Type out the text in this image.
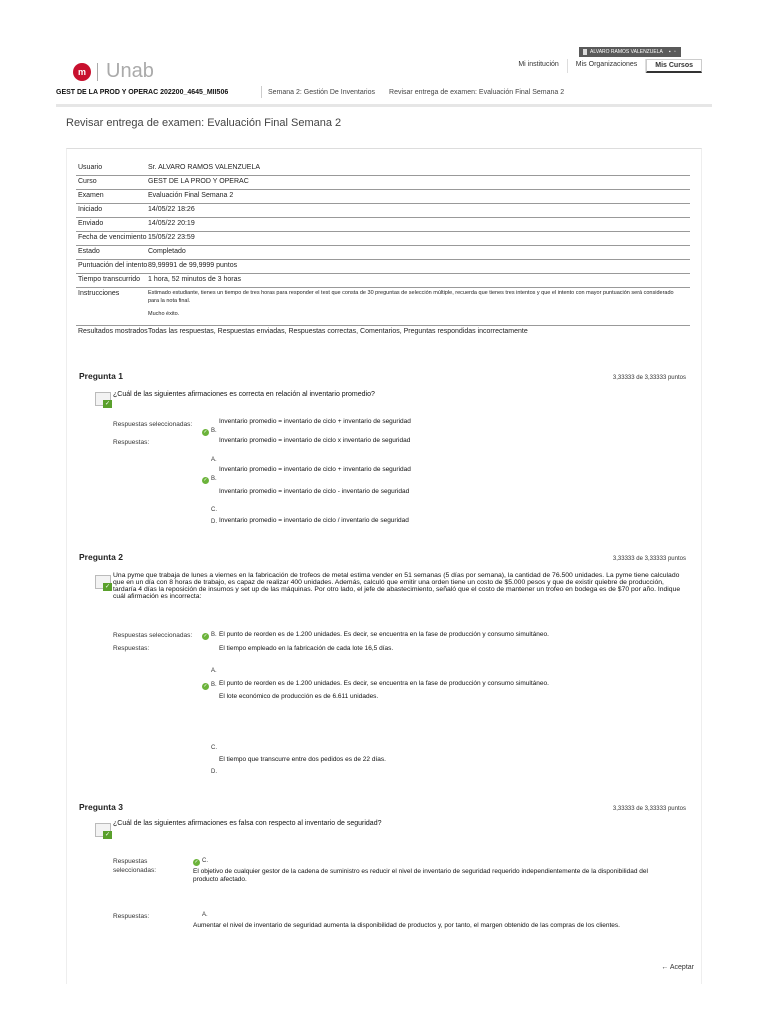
ALVARO RAMOS VALENZUELA ▪ ▫
m Unab	Mi institución	Mis Organizaciones	Mis Cursos
GEST DE LA PROD Y OPERAC 202200_4645_MII506	Semana 2: Gestión De Inventarios Revisar entrega de examen: Evaluación Final Semana 2
Revisar entrega de examen: Evaluación Final Semana 2
Usuario	Sr. ALVARO RAMOS VALENZUELA
Curso	GEST DE LA PROD Y OPERAC
Examen	Evaluación Final Semana 2
Iniciado	14/05/22 18:26
Enviado	14/05/22 20:19
Fecha de vencimiento 15/05/22 23:59
Estado	Completado
Puntuación del intento 89,99991 de 99,9999 puntos
Tiempo transcurrido	1 hora, 52 minutos de 3 horas
Instrucciones	Estimado estudiante, tienes un tiempo de tres horas para responder el test que consta de 30 preguntas de selección múltiple, recuerda que tienes tres intentos y que el intento con mayor puntuación será considerado para la nota final.

Mucho éxito.

Resultados mostrados Todas las respuestas, Respuestas enviadas, Respuestas correctas, Comentarios, Preguntas respondidas incorrectamente
Pregunta 1	3,33333 de 3,33333 puntos
✓
¿Cuál de las siguientes afirmaciones es correcta en relación al inventario promedio?
Respuestas seleccionadas:	Inventario promedio = inventario de ciclo + inventario de seguridad
✓ B.
Respuestas:	Inventario promedio = inventario de ciclo x inventario de seguridad
A.
Inventario promedio = inventario de ciclo + inventario de seguridad
✓ B.
Inventario promedio = inventario de ciclo - inventario de seguridad
C.
D. Inventario promedio = inventario de ciclo / inventario de seguridad
Pregunta 2	3,33333 de 3,33333 puntos
✓
Una pyme que trabaja de lunes a viernes en la fabricación de trofeos de metal estima vender en 51 semanas (5 días por semana), la cantidad de 76.500 unidades. La pyme tiene calculado que en un día con 8 horas de trabajo, es capaz de realizar 400 unidades. Además, calculó que emitir una orden tiene un costo de $5.000 pesos y que de existir quiebre de producción, tardaría 4 días la reposición de insumos y set up de las máquinas. Por otro lado, el jefe de abastecimiento, señaló que el costo de mantener un trofeo en bodega es de $70 por año. Indique cuál afirmación es incorrecta:
Respuestas seleccionadas: ✓ B. El punto de reorden es de 1.200 unidades. Es decir, se encuentra en la fase de producción y consumo simultáneo.
Respuestas:	El tiempo empleado en la fabricación de cada lote 16,5 días.
A.
✓ B. El punto de reorden es de 1.200 unidades. Es decir, se encuentra en la fase de producción y consumo simultáneo.
El lote económico de producción es de 6.611 unidades.
C.
El tiempo que transcurre entre dos pedidos es de 22 días.
D.
Pregunta 3	3,33333 de 3,33333 puntos
✓
¿Cuál de las siguientes afirmaciones es falsa con respecto al inventario de seguridad?
Respuestas
seleccionadas:
✓ C.
El objetivo de cualquier gestor de la cadena de suministro es reducir el nivel de inventario de seguridad requerido independientemente de la disponibilidad del producto afectado.
Respuestas:	A.
Aumentar el nivel de inventario de seguridad aumenta la disponibilidad de productos y, por tanto, el margen obtenido de las compras de los clientes.
← Aceptar
